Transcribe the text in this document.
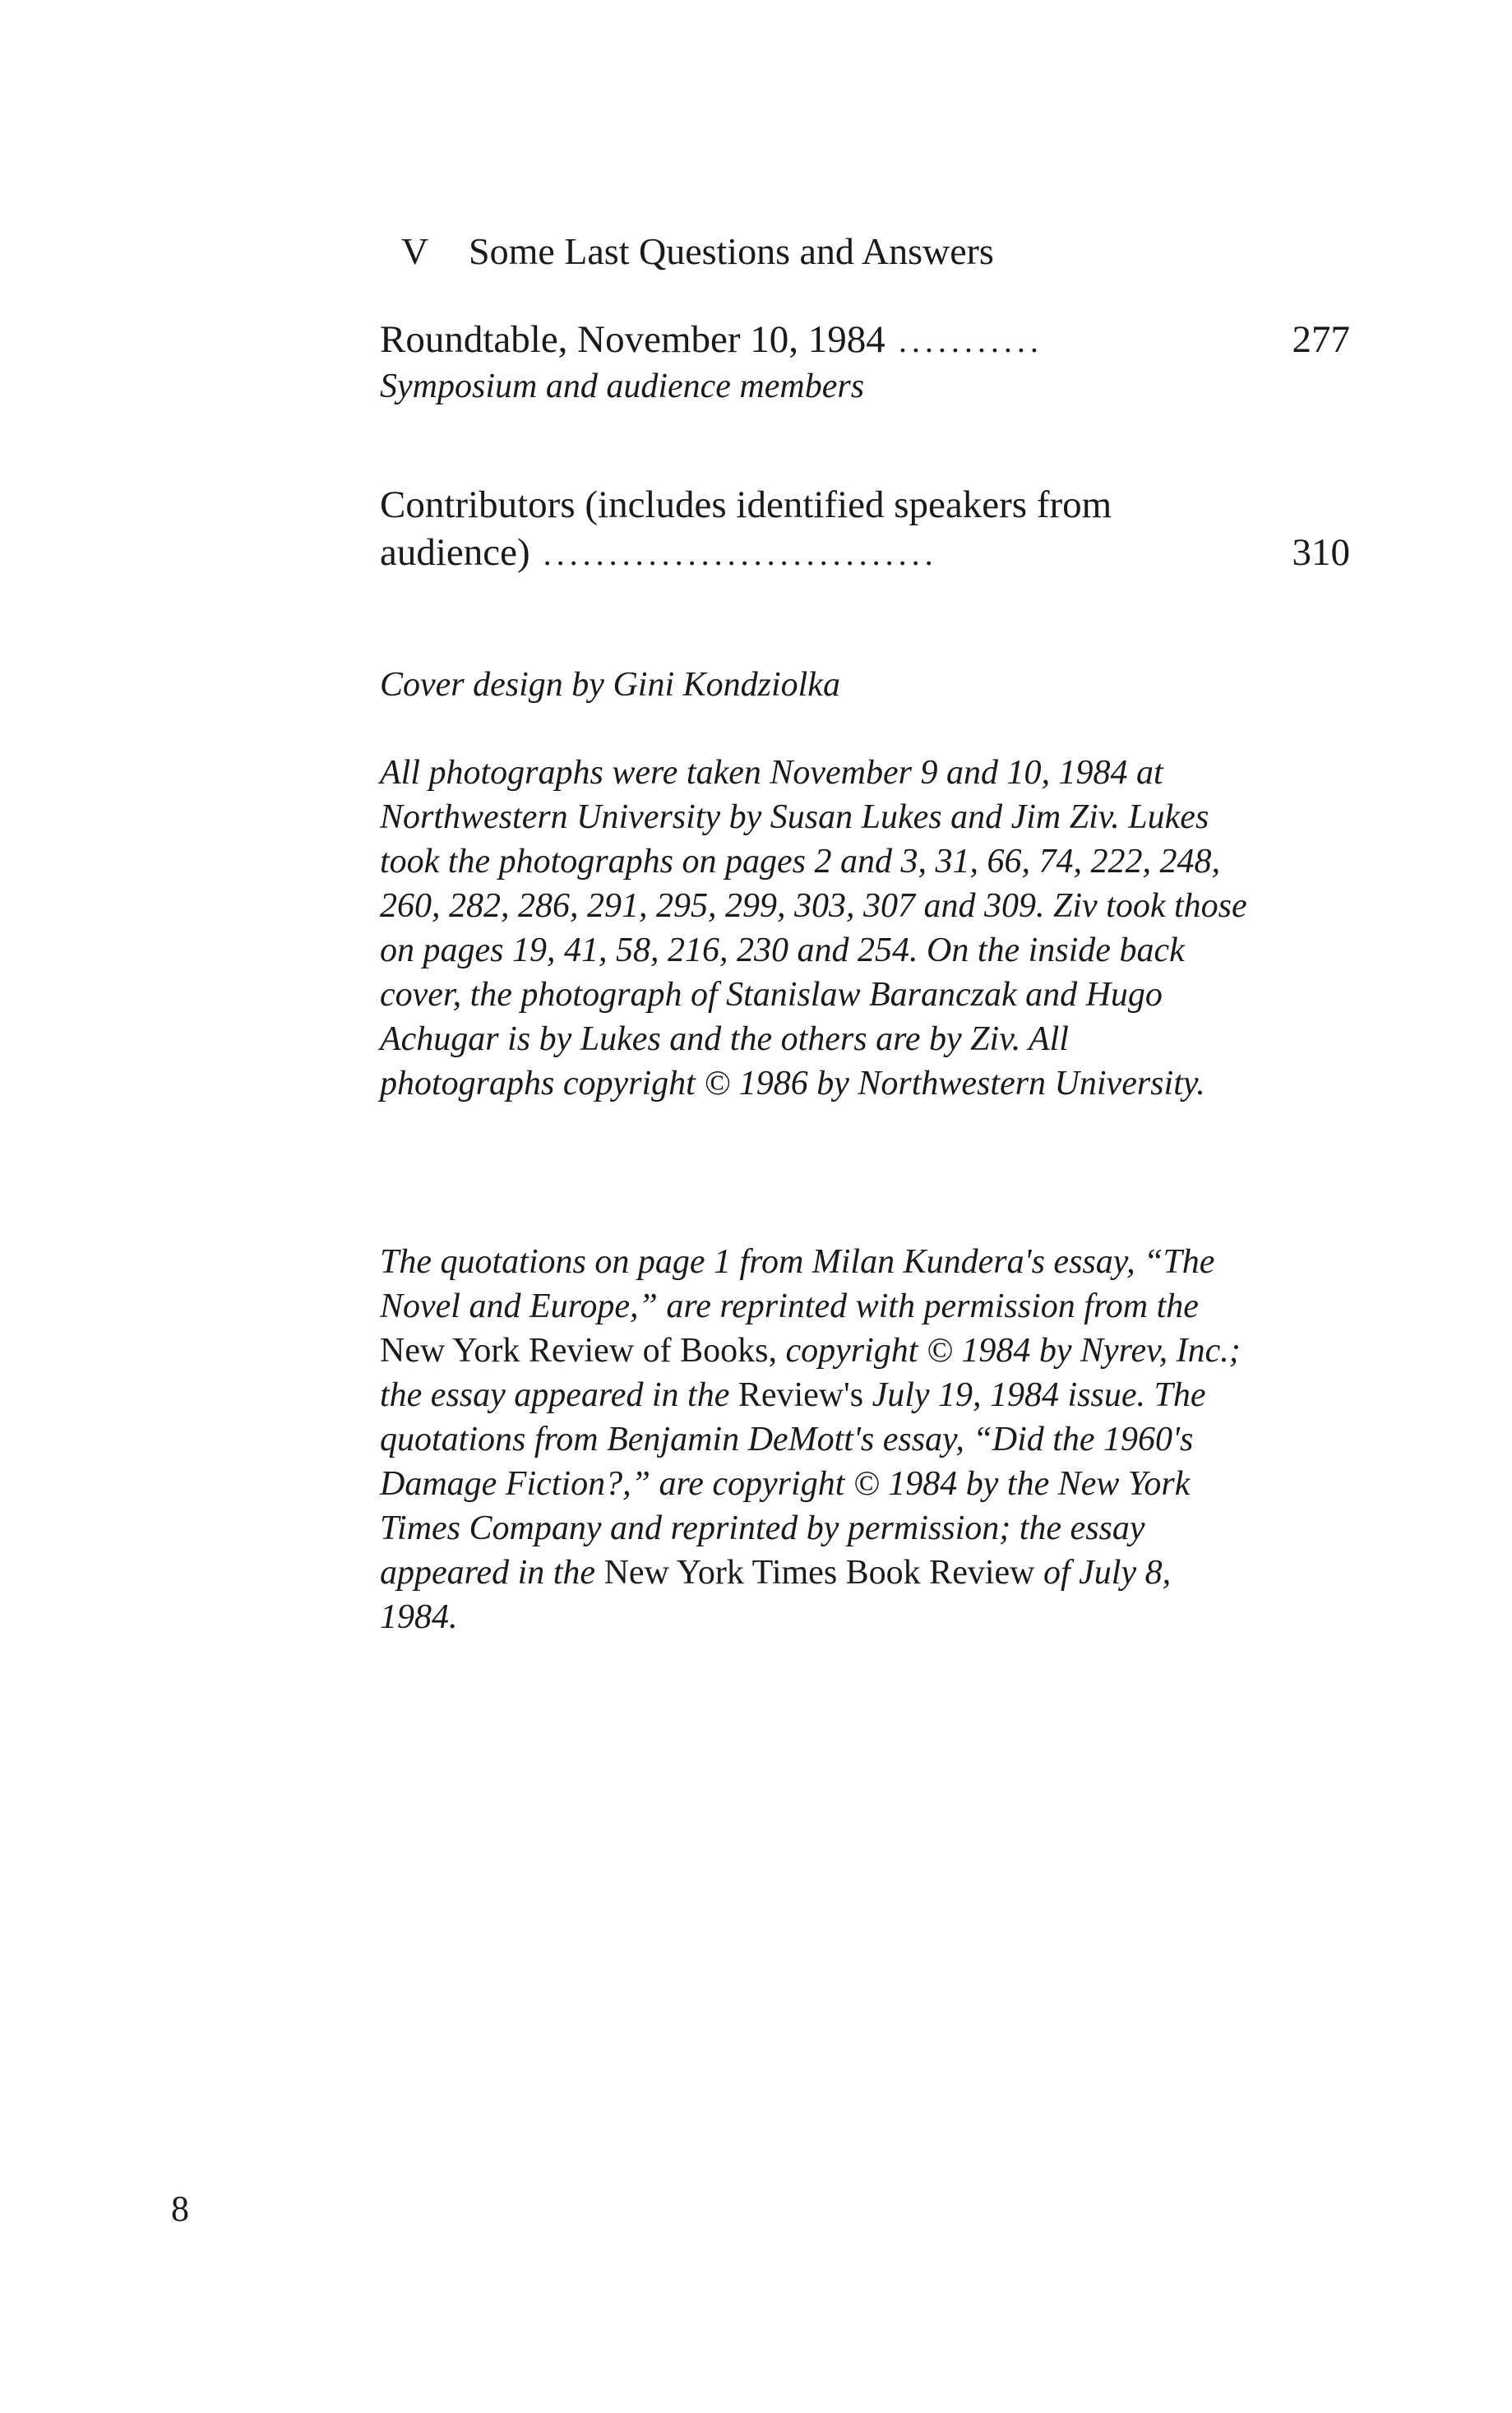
V Some Last Questions and Answers
Roundtable, November 10, 1984 ...........	277
Symposium and audience members
Contributors (includes identified speakers from
audience) ..............................	310

Cover design by Gini Kondziolka

All photographs were taken November 9 and 10, 1984 at Northwestern University by Susan Lukes and Jim Ziv. Lukes took the photographs on pages 2 and 3, 31, 66, 74, 222, 248, 260, 282, 286, 291, 295, 299, 303, 307 and 309. Ziv took those on pages 19, 41, 58, 216, 230 and 254. On the inside back cover, the photograph of Stanislaw Baranczak and Hugo Achugar is by Lukes and the others are by Ziv. All photographs copyright © 1986 by Northwestern University.

The quotations on page 1 from Milan Kundera's essay, “The Novel and Europe,” are reprinted with permission from the New York Review of Books, copyright © 1984 by Nyrev, Inc.; the essay appeared in the Review's July 19, 1984 issue. The quotations from Benjamin DeMott's essay, “Did the 1960's Damage Fiction?,” are copyright © 1984 by the New York Times Company and reprinted by permission; the essay appeared in the New York Times Book Review of July 8, 1984.

8
